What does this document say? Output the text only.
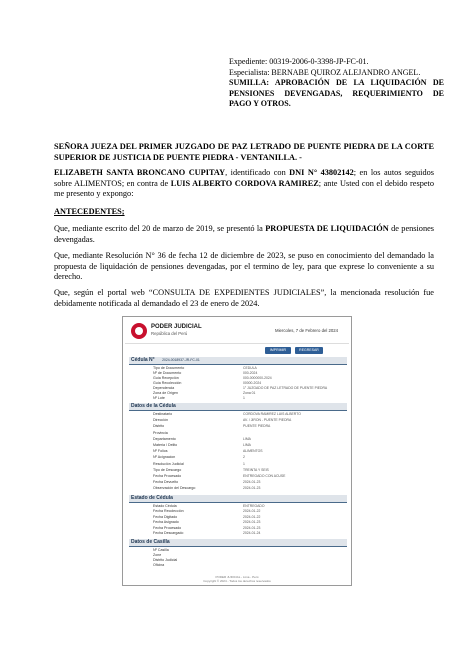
Expediente: 00319-2006-0-3398-JP-FC-01.
Especialista: BERNABE QUIROZ ALEJANDRO ANGEL.
SUMILLA: APROBACIÓN DE LA LIQUIDACIÓN DE PENSIONES DEVENGADAS, REQUERIMIENTO DE PAGO Y OTROS.
SEÑORA JUEZA DEL PRIMER JUZGADO DE PAZ LETRADO DE PUENTE PIEDRA DE LA CORTE SUPERIOR DE JUSTICIA DE PUENTE PIEDRA - VENTANILLA. -
ELIZABETH SANTA BRONCANO CUPITAY, identificado con DNI N° 43802142; en los autos seguidos sobre ALIMENTOS; en contra de LUIS ALBERTO CORDOVA RAMIREZ; ante Usted con el debido respeto me presento y expongo:
ANTECEDENTES;
Que, mediante escrito del 20 de marzo de 2019, se presentó la PROPUESTA DE LIQUIDACIÓN de pensiones devengadas.
Que, mediante Resolución N° 36 de fecha 12 de diciembre de 2023, se puso en conocimiento del demandado la propuesta de liquidación de pensiones devengadas, por el termino de ley, para que exprese lo conveniente a su derecho.
Que, según el portal web “CONSULTA DE EXPEDIENTES JUDICIALES”, la mencionada resolución fue debidamente notificada al demandado el 23 de enero de 2024.
PODER JUDICIAL
República del Perú
Miercoles, 7 de Febrero del 2024
IMPRIMIR	REGRESAR
Cédula N° 2024-0018937-JR-FC-01
Tipo de Documento	CEDULA
Nº de Documento	000-2024
Guía Recepción	000-0000000-2024
Guía Recolección	00000-2024
Dependencia	1° JUZGADO DE PAZ LETRADO DE PUENTE PIEDRA
Zona de Origen	Zona 01
Nº Lote	1
Datos de la Cédula
Destinatario	CORDOVA RAMIREZ LUIS ALBERTO
Dirección	AV. / JIRON - PUENTE PIEDRA
Distrito	PUENTE PIEDRA
Provincia
Departamento	LIMA
Materia / Delito	LIMA
Nº Folios	ALIMENTOS
Nº Acignacion	2
Resolución Judicial	1
Tipo de Descargo	TREINTA Y SEIS
Fecha Procesado	ENTREGADO CON ACUSE
Fecha Devuelto	2024-01-23
Observación del Descargo	2024-01-23
Estado de Cédula
Estado Cédula	ENTREGADO
Fecha Recolección	2024-01-22
Fecha Digitado	2024-01-22
Fecha Asignado	2024-01-23
Fecha Procesado	2024-01-23
Fecha Descargado	2024-01-24
Datos de Casilla
Nº Casilla
Zone
Distrito Judicial
Oficina
PODER JUDICIAL - Lima - Perú
Copyright © 2024 - Todos los derechos reservados
